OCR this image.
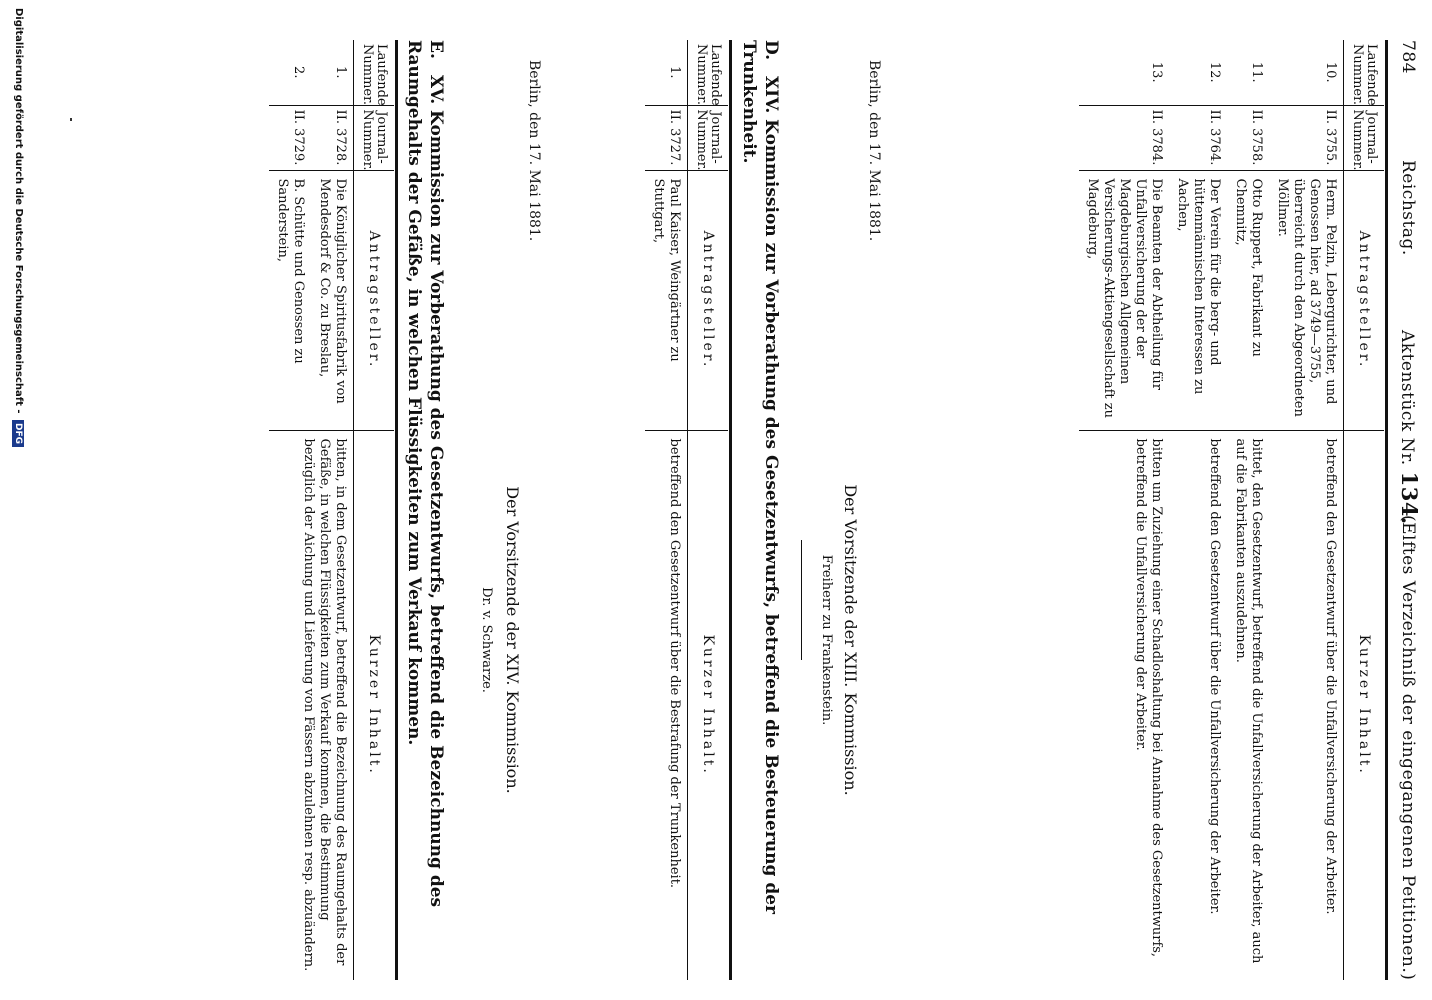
784
Reichstag.
Aktenstück Nr. 134.
(Elftes Verzeichniß der eingegangenen Petitionen.)
Laufende Nummer.	Journal-Nummer.	Antragsteller.	Kurzer Inhalt.
10.	II. 3755.	Herm. Pelzin, Lebergurichter, und Genossen hier, ad 3749—3755, überreicht durch den Abgeordneten Möllmer.	betreffend den Gesetzentwurf über die Unfallversicherung der Arbeiter.
11.	II. 3758.	Otto Ruppert, Fabrikant zu Chemnitz,	bittet, den Gesetzentwurf, betreffend die Unfallversicherung der Arbeiter, auch auf die Fabrikanten auszudehnen.
12.	II. 3764.	Der Verein für die berg- und hüttenmännischen Interessen zu Aachen,	betreffend den Gesetzentwurf über die Unfallversicherung der Arbeiter.
13.	II. 3784.	Die Beamten der Abtheilung für Unfallversicherung der der Magdeburgischen Allgemeinen Versicherungs-Aktiengesellschaft zu Magdeburg,	bitten um Zuziehung einer Schadloshaltung bei Annahme des Gesetzentwurfs, betreffend die Unfallversicherung der Arbeiter.
Berlin, den 17. Mai 1881.
Der Vorsitzende der XIII. Kommission.
Freiherr zu Frankenstein.
D. XIV. Kommission zur Vorberathung des Gesetzentwurfs, betreffend die Besteuerung der Trunkenheit.
Laufende Nummer.	Journal-Nummer.	Antragsteller.	Kurzer Inhalt.
1.	II. 3727.	Paul Kaiser, Weingärtner zu Stuttgart,	betreffend den Gesetzentwurf über die Bestrafung der Trunkenheit.
Berlin, den 17. Mai 1881.
Der Vorsitzende der XIV. Kommission.
Dr. v. Schwarze.
E. XV. Kommission zur Vorberathung des Gesetzentwurfs, betreffend die Bezeichnung des Raumgehalts der Gefäße, in welchen Flüssigkeiten zum Verkauf kommen.
Laufende Nummer.	Journal-Nummer.	Antragsteller.	Kurzer Inhalt.
1.	II. 3728.	Die Königlicher Spiritusfabrik von Mendesdorf & Co. zu Breslau,	bitten, in dem Gesetzentwurf, betreffend die Bezeichnung des Raumgehalts der Gefäße, in welchen Flüssigkeiten zum Verkauf kommen, die Bestimmung bezüglich der Aichung und Lieferung von Fässern abzulehnen resp. abzuändern.
2.	II. 3729.	B. Schütte und Genossen zu Sanderstein,	
Digitalisierung gefördert durch die Deutsche Forschungsgemeinschaft - DFG
